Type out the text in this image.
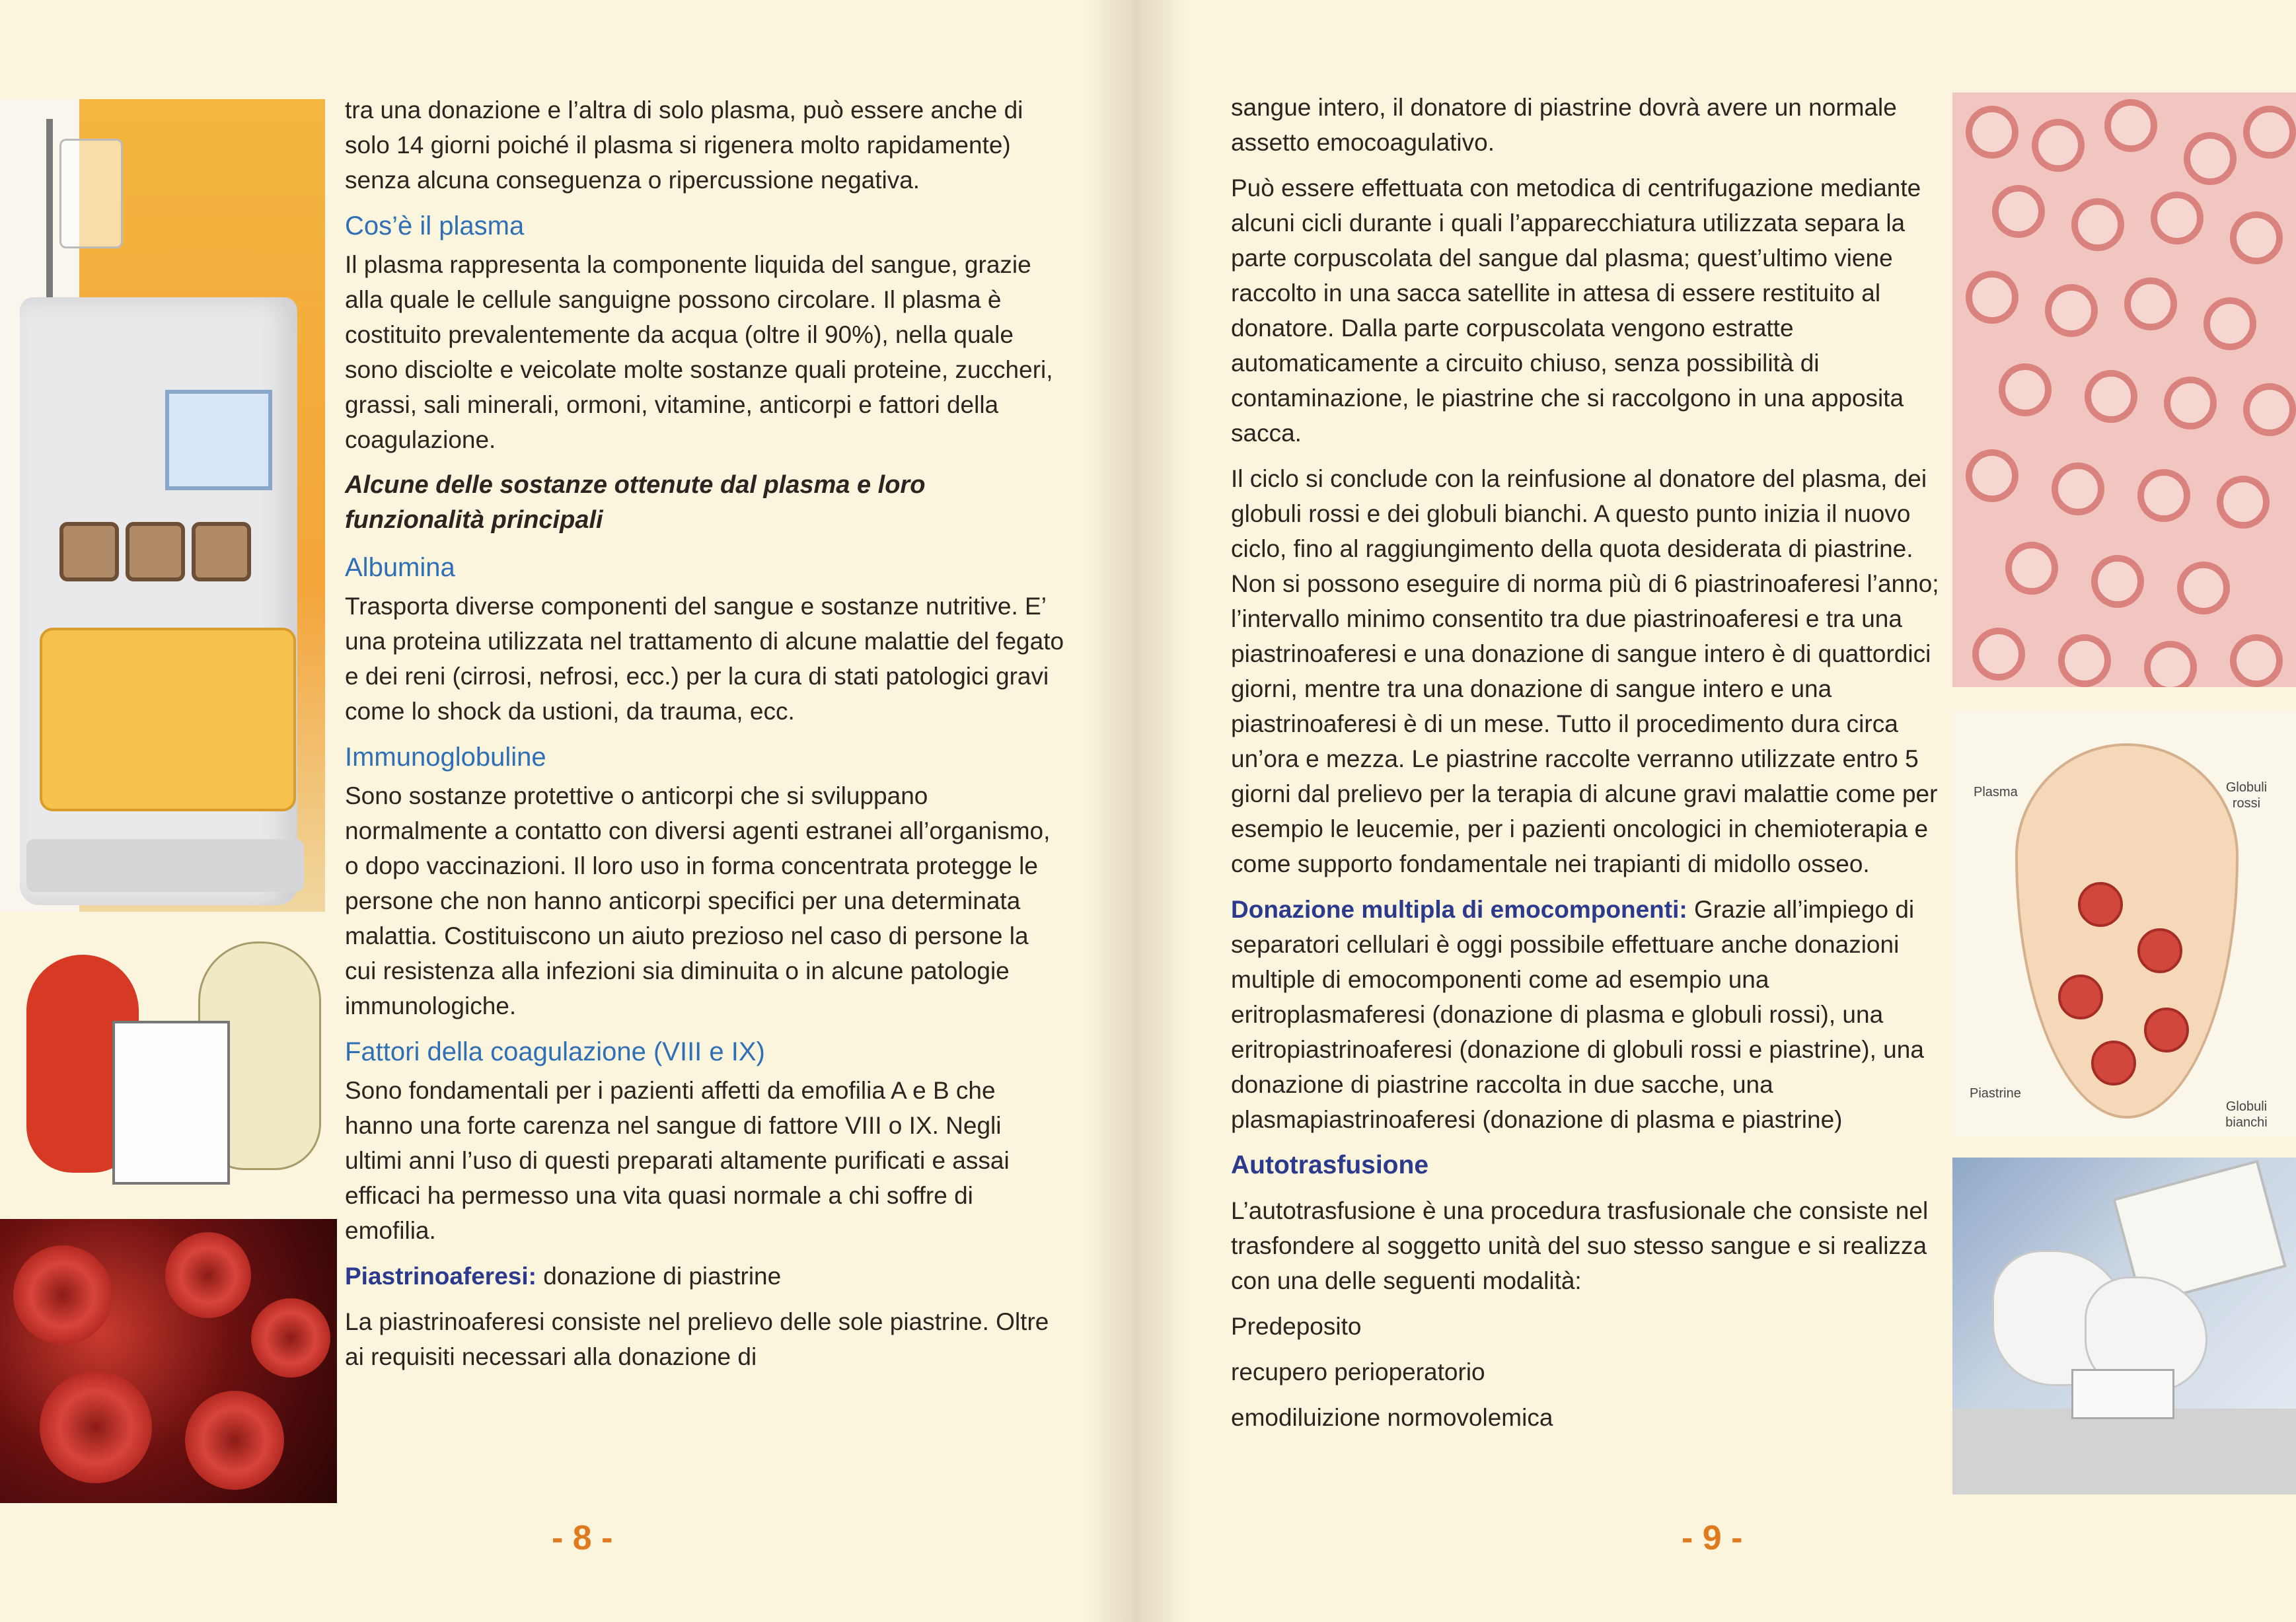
tra una donazione e l’altra di solo plasma, può essere anche di solo 14 giorni poiché il plasma si rigenera molto rapidamente) senza alcuna conseguenza o ripercussione negativa.

Cos’è il plasma

Il plasma rappresenta la componente liquida del sangue, grazie alla quale le cellule sanguigne possono circolare. Il plasma è costituito prevalentemente da acqua (oltre il 90%), nella quale sono disciolte e veicolate molte sostanze quali proteine, zuccheri, grassi, sali minerali, ormoni, vitamine, anticorpi e fattori della coagulazione.

Alcune delle sostanze ottenute dal plasma e loro funzionalità principali
Albumina

Trasporta diverse componenti del sangue e sostanze nutritive. E’ una proteina utilizzata nel trattamento di alcune malattie del fegato e dei reni (cirrosi, nefrosi, ecc.) per la cura di stati patologici gravi come lo shock da ustioni, da trauma, ecc.

Immunoglobuline

Sono sostanze protettive o anticorpi che si sviluppano normalmente a contatto con diversi agenti estranei all’organismo, o dopo vaccinazioni. Il loro uso in forma concentrata protegge le persone che non hanno anticorpi specifici per una determinata malattia. Costituiscono un aiuto prezioso nel caso di persone la cui resistenza alla infezioni sia diminuita o in alcune patologie immunologiche.

Fattori della coagulazione (VIII e IX)

Sono fondamentali per i pazienti affetti da emofilia A e B che hanno una forte carenza nel sangue di fattore VIII o IX. Negli ultimi anni l’uso di questi preparati altamente purificati e assai efficaci ha permesso una vita quasi normale a chi soffre di emofilia.

Piastrinoaferesi: donazione di piastrine

La piastrinoaferesi consiste nel prelievo delle sole piastrine. Oltre ai requisiti necessari alla donazione di

- 8 -

sangue intero, il donatore di piastrine dovrà avere un normale assetto emocoagulativo.

Può essere effettuata con metodica di centrifugazione mediante alcuni cicli durante i quali l’apparecchiatura utilizzata separa la parte corpuscolata del sangue dal plasma; quest’ultimo viene raccolto in una sacca satellite in attesa di essere restituito al donatore. Dalla parte corpuscolata vengono estratte automaticamente a circuito chiuso, senza possibilità di contaminazione, le piastrine che si raccolgono in una apposita sacca.

Il ciclo si conclude con la reinfusione al donatore del plasma, dei globuli rossi e dei globuli bianchi. A questo punto inizia il nuovo ciclo, fino al raggiungimento della quota desiderata di piastrine. Non si possono eseguire di norma più di 6 piastrinoaferesi l’anno; l’intervallo minimo consentito tra due piastrinoaferesi e tra una piastrinoaferesi e una donazione di sangue intero è di quattordici giorni, mentre tra una donazione di sangue intero e una piastrinoaferesi è di un mese. Tutto il procedimento dura circa un’ora e mezza. Le piastrine raccolte verranno utilizzate entro 5 giorni dal prelievo per la terapia di alcune gravi malattie come per esempio le leucemie, per i pazienti oncologici in chemioterapia e come supporto fondamentale nei trapianti di midollo osseo.

Donazione multipla di emocomponenti: Grazie all’impiego di separatori cellulari è oggi possibile effettuare anche donazioni multiple di emocomponenti come ad esempio una eritroplasmaferesi (donazione di plasma e globuli rossi), una eritropiastrinoaferesi (donazione di globuli rossi e piastrine), una donazione di piastrine raccolta in due sacche, una plasmapiastrinoaferesi (donazione di plasma e piastrine)

Autotrasfusione

L’autotrasfusione è una procedura trasfusionale che consiste nel trasfondere al soggetto unità del suo stesso sangue e si realizza con una delle seguenti modalità:

Predeposito

recupero perioperatorio

emodiluizione normovolemica

- 9 -
Plasma	Globuli rossi
Piastrine
Globuli bianchi
